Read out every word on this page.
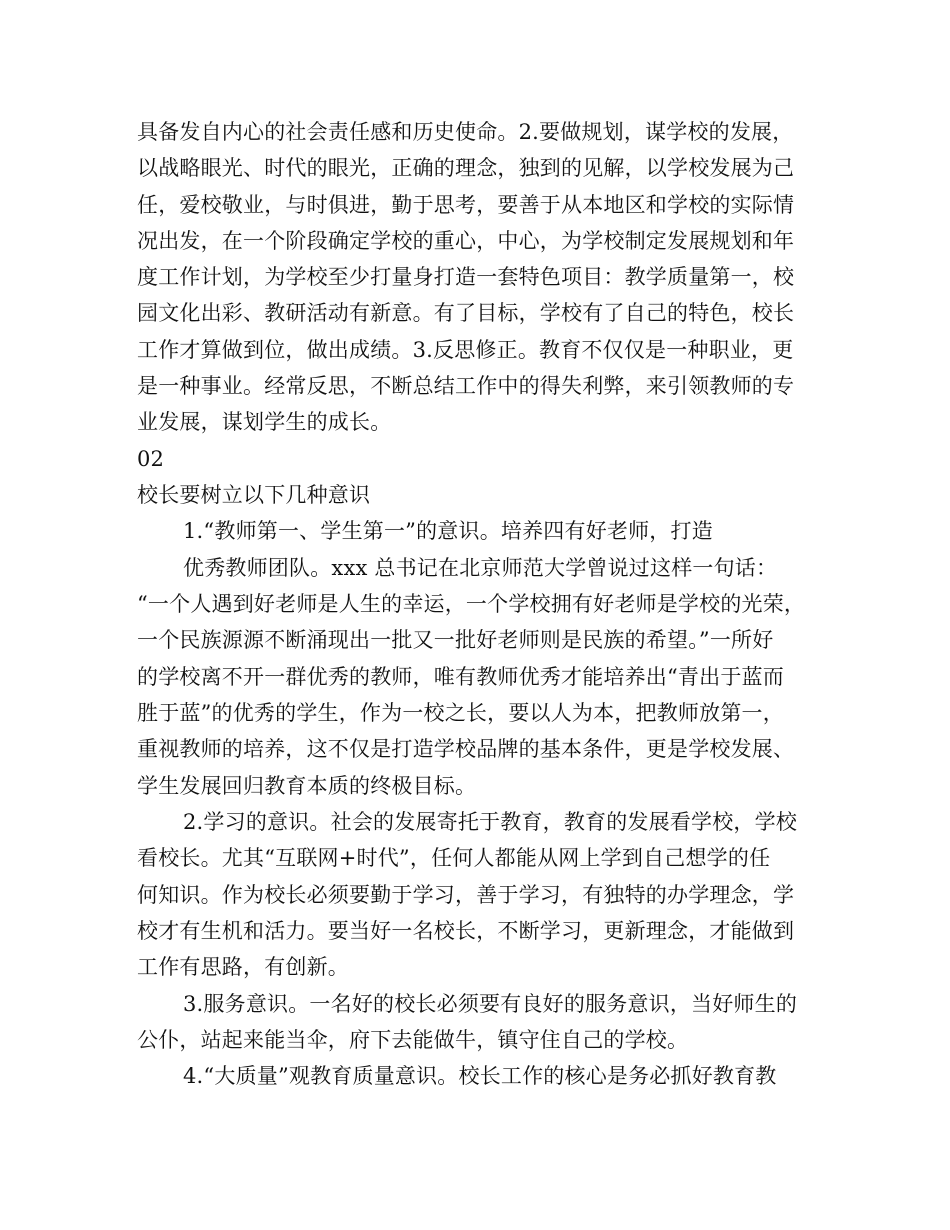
具备发自内心的社会责任感和历史使命。2.要做规划，谋学校的发展，
以战略眼光、时代的眼光，正确的理念，独到的见解，以学校发展为己
任，爱校敬业，与时俱进，勤于思考，要善于从本地区和学校的实际情
况出发，在一个阶段确定学校的重心，中心，为学校制定发展规划和年
度工作计划，为学校至少打量身打造一套特色项目：教学质量第一，校
园文化出彩、教研活动有新意。有了目标，学校有了自己的特色，校长
工作才算做到位，做出成绩。3.反思修正。教育不仅仅是一种职业，更
是一种事业。经常反思，不断总结工作中的得失利弊，来引领教师的专
业发展，谋划学生的成长。
02
校长要树立以下几种意识
1.“教师第一、学生第一”的意识。培养四有好老师，打造
优秀教师团队。xxx 总书记在北京师范大学曾说过这样一句话：
“一个人遇到好老师是人生的幸运，一个学校拥有好老师是学校的光荣，
一个民族源源不断涌现出一批又一批好老师则是民族的希望。”一所好
的学校离不开一群优秀的教师，唯有教师优秀才能培养出“青出于蓝而
胜于蓝”的优秀的学生，作为一校之长，要以人为本，把教师放第一，
重视教师的培养，这不仅是打造学校品牌的基本条件，更是学校发展、
学生发展回归教育本质的终极目标。
2.学习的意识。社会的发展寄托于教育，教育的发展看学校，学校
看校长。尤其“互联网+时代”，任何人都能从网上学到自己想学的任
何知识。作为校长必须要勤于学习，善于学习，有独特的办学理念，学
校才有生机和活力。要当好一名校长，不断学习，更新理念，才能做到
工作有思路，有创新。
3.服务意识。一名好的校长必须要有良好的服务意识，当好师生的
公仆，站起来能当伞，府下去能做牛，镇守住自己的学校。
4.“大质量”观教育质量意识。校长工作的核心是务必抓好教育教
